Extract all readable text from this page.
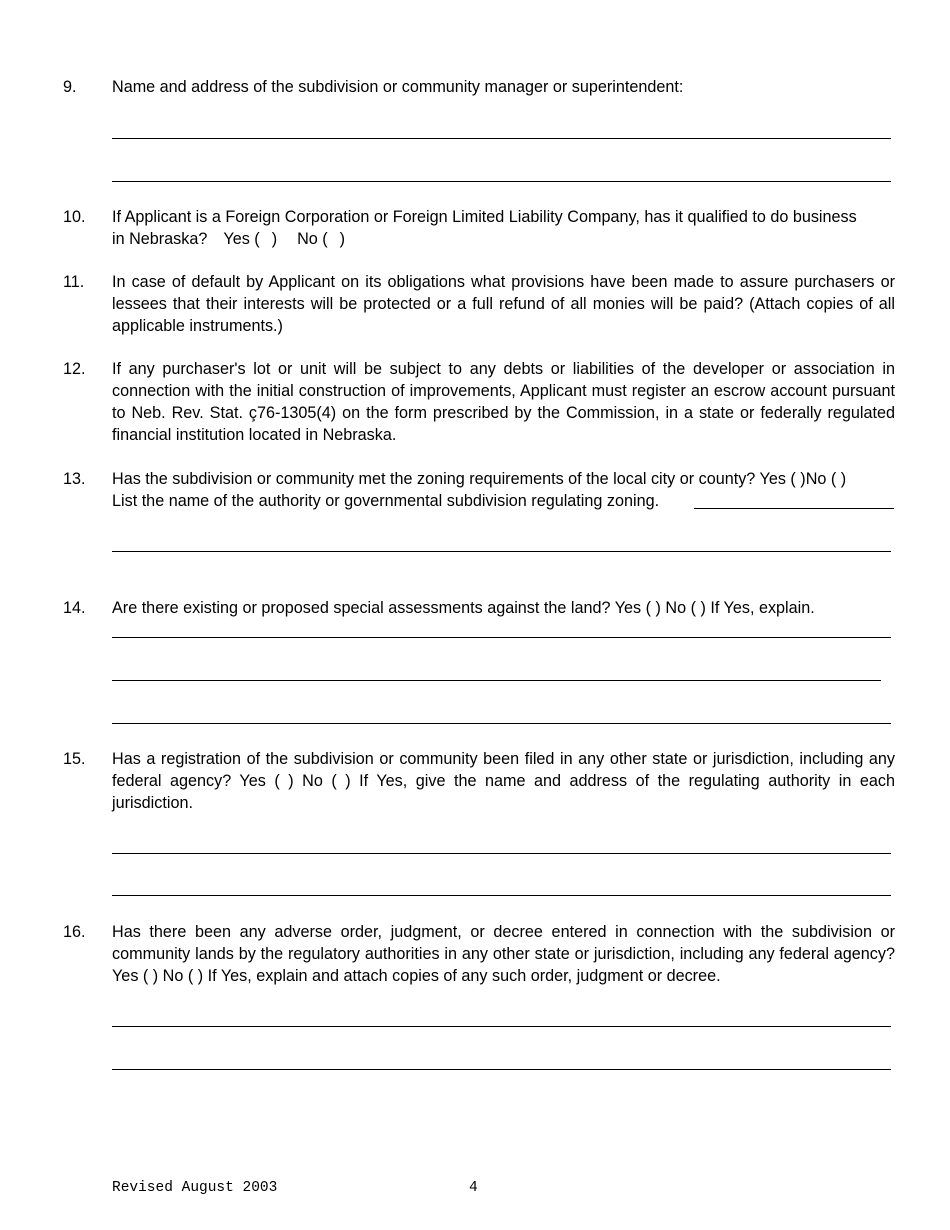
9. Name and address of the subdivision or community manager or superintendent:
10. If Applicant is a Foreign Corporation or Foreign Limited Liability Company, has it qualified to do business
in Nebraska? Yes ( ) No ( )
11. In case of default by Applicant on its obligations what provisions have been made to assure purchasers or lessees that their interests will be protected or a full refund of all monies will be paid? (Attach copies of all applicable instruments.)
12. If any purchaser's lot or unit will be subject to any debts or liabilities of the developer or association in connection with the initial construction of improvements, Applicant must register an escrow account pursuant to Neb. Rev. Stat. ç76-1305(4) on the form prescribed by the Commission, in a state or federally regulated financial institution located in Nebraska.
13. Has the subdivision or community met the zoning requirements of the local city or county? Yes ( )No ( )
List the name of the authority or governmental subdivision regulating zoning.
14. Are there existing or proposed special assessments against the land? Yes ( ) No ( ) If Yes, explain.
15. Has a registration of the subdivision or community been filed in any other state or jurisdiction, including any federal agency? Yes ( ) No ( ) If Yes, give the name and address of the regulating authority in each jurisdiction.
16. Has there been any adverse order, judgment, or decree entered in connection with the subdivision or community lands by the regulatory authorities in any other state or jurisdiction, including any federal agency? Yes ( ) No ( ) If Yes, explain and attach copies of any such order, judgment or decree.
Revised August 2003	4
